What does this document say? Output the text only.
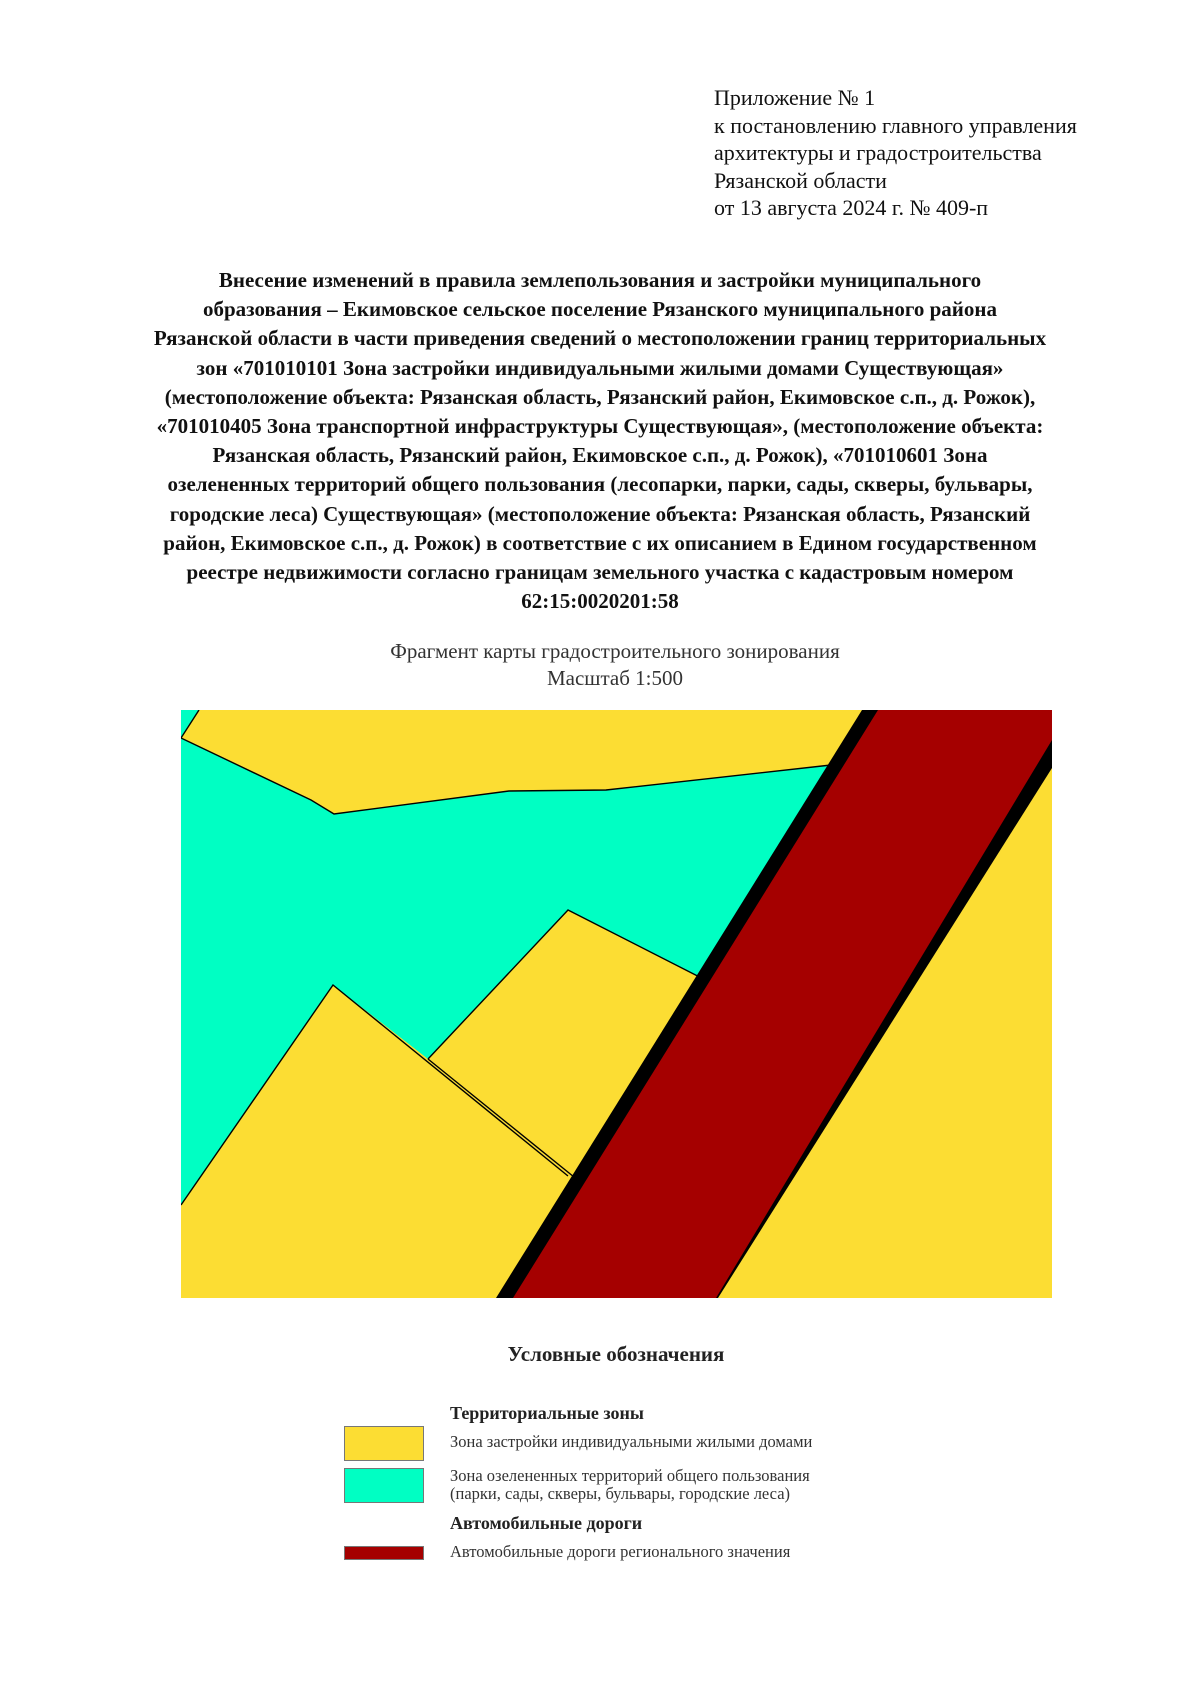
Приложение № 1
к постановлению главного управления
архитектуры и градостроительства
Рязанской области
от 13 августа 2024 г. № 409-п
Внесение изменений в правила землепользования и застройки муниципального
образования – Екимовское сельское поселение Рязанского муниципального района
Рязанской области в части приведения сведений о местоположении границ территориальных
зон «701010101 Зона застройки индивидуальными жилыми домами Существующая»
(местоположение объекта: Рязанская область, Рязанский район, Екимовское с.п., д. Рожок),
«701010405 Зона транспортной инфраструктуры Существующая», (местоположение объекта:
Рязанская область, Рязанский район, Екимовское с.п., д. Рожок), «701010601 Зона
озелененных территорий общего пользования (лесопарки, парки, сады, скверы, бульвары,
городские леса) Существующая» (местоположение объекта: Рязанская область, Рязанский
район, Екимовское с.п., д. Рожок) в соответствие с их описанием в Едином государственном
реестре недвижимости согласно границам земельного участка с кадастровым номером
62:15:0020201:58
Фрагмент карты градостроительного зонирования
Масштаб 1:500
Условные обозначения
Территориальные зоны
Зона застройки индивидуальными жилыми домами
Зона озелененных территорий общего пользования
(парки, сады, скверы, бульвары, городские леса)
Автомобильные дороги
Автомобильные дороги регионального значения
